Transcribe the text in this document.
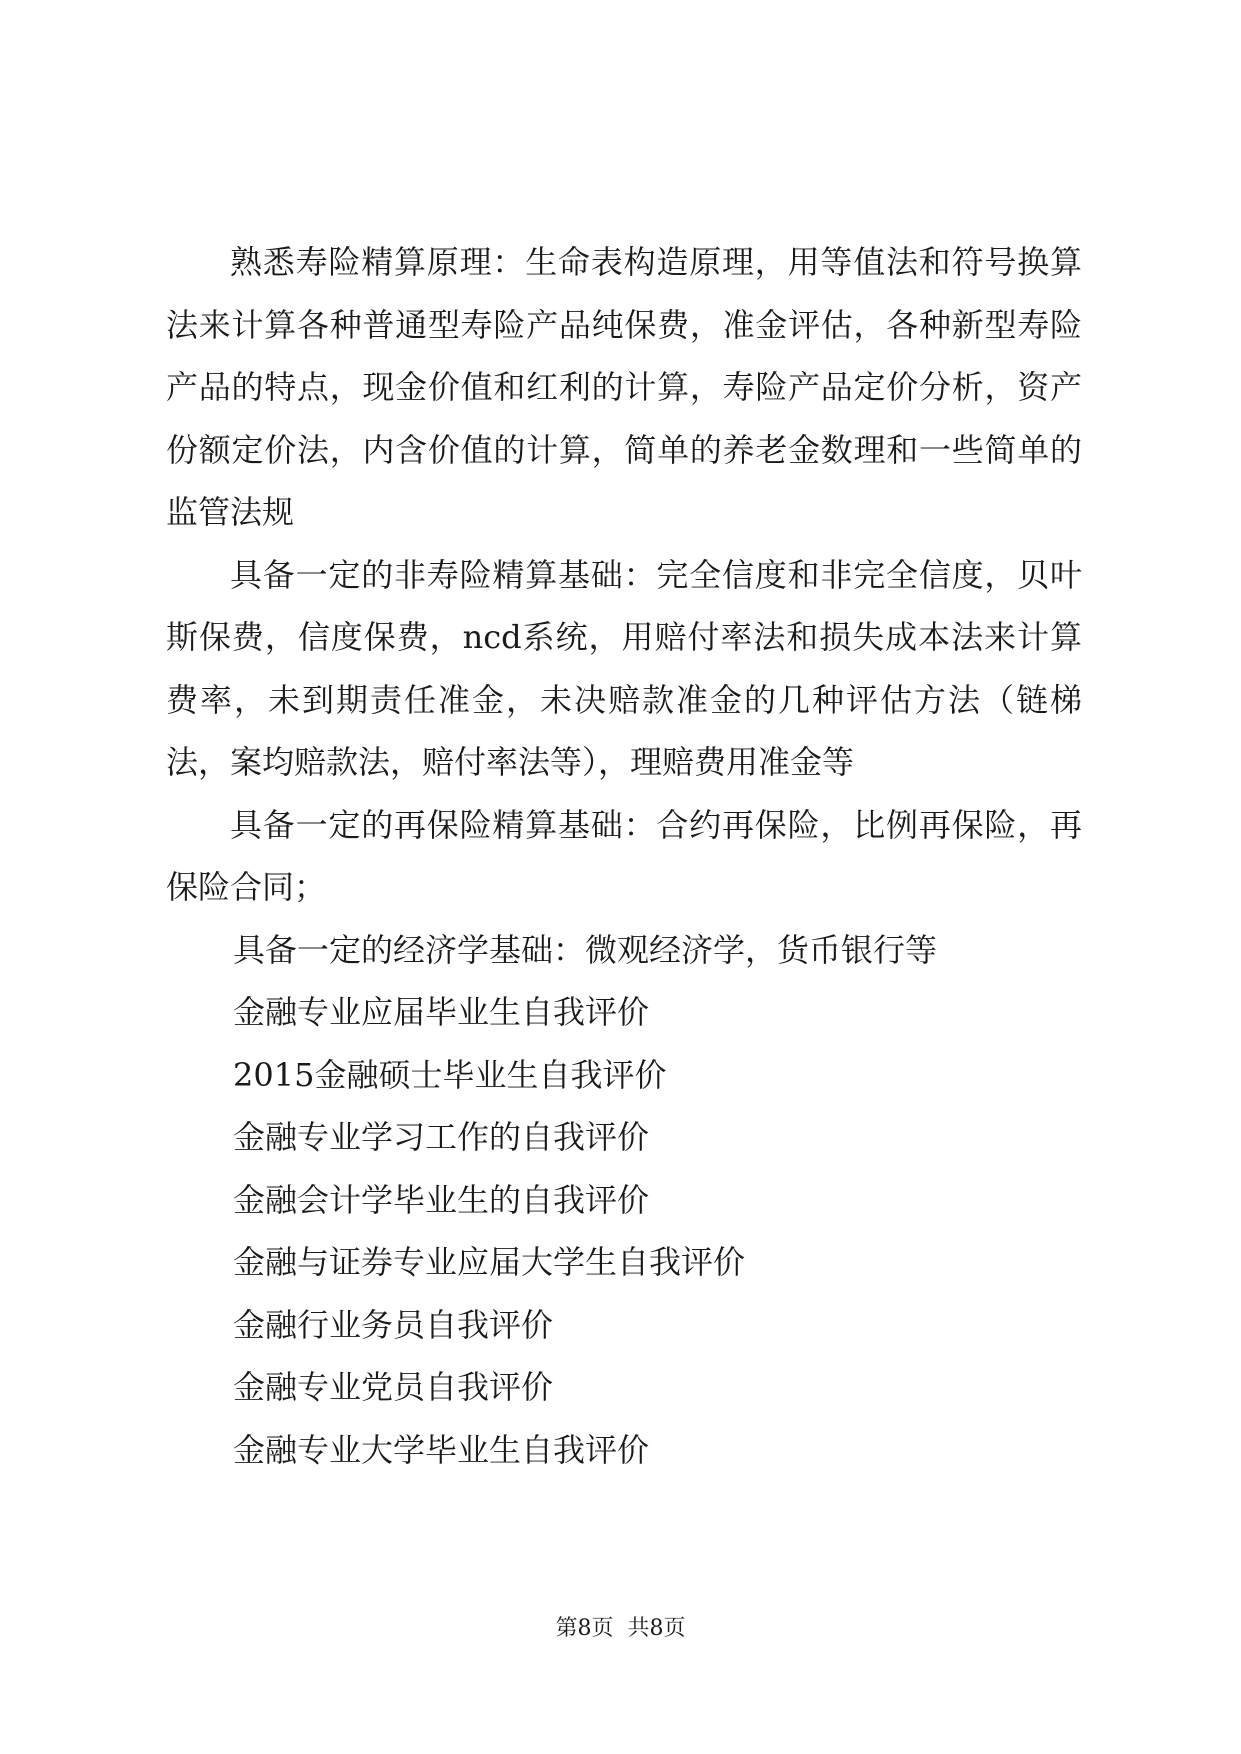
熟悉寿险精算原理：生命表构造原理，用等值法和符号换算法来计算各种普通型寿险产品纯保费，准金评估，各种新型寿险产品的特点，现金价值和红利的计算，寿险产品定价分析，资产份额定价法，内含价值的计算，简单的养老金数理和一些简单的监管法规

具备一定的非寿险精算基础：完全信度和非完全信度，贝叶斯保费，信度保费，ncd系统，用赔付率法和损失成本法来计算费率，未到期责任准金，未决赔款准金的几种评估方法（链梯法，案均赔款法，赔付率法等），理赔费用准金等

具备一定的再保险精算基础：合约再保险，比例再保险，再保险合同；

具备一定的经济学基础：微观经济学，货币银行等

金融专业应届毕业生自我评价

2015金融硕士毕业生自我评价

金融专业学习工作的自我评价

金融会计学毕业生的自我评价

金融与证券专业应届大学生自我评价

金融行业务员自我评价

金融专业党员自我评价

金融专业大学毕业生自我评价

第8页 共8页
